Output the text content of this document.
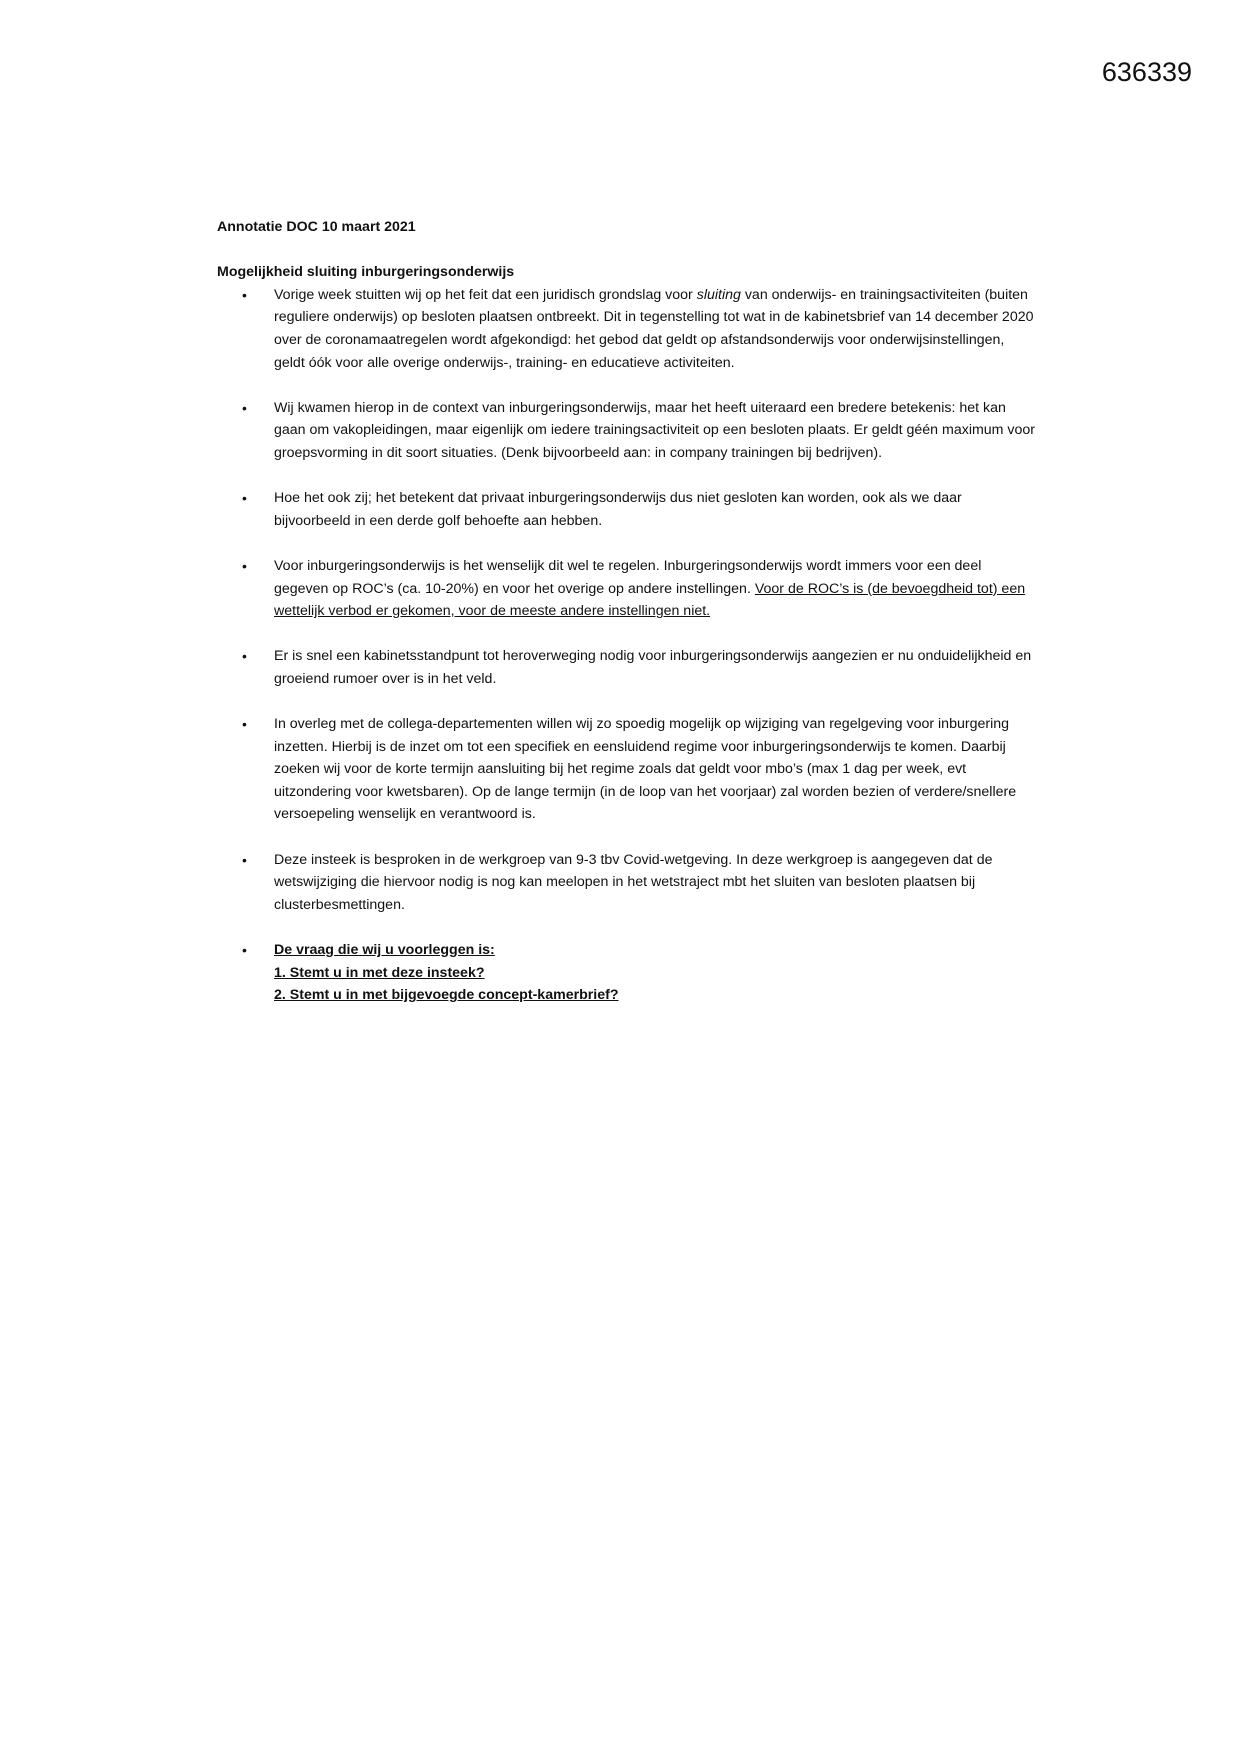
636339

Annotatie DOC 10 maart 2021

Mogelijkheid sluiting inburgeringsonderwijs

•	Vorige week stuitten wij op het feit dat een juridisch grondslag voor sluiting van onderwijs- en trainingsactiviteiten (buiten reguliere onderwijs) op besloten plaatsen ontbreekt. Dit in tegenstelling tot wat in de kabinetsbrief van 14 december 2020 over de coronamaatregelen wordt afgekondigd: het gebod dat geldt op afstandsonderwijs voor onderwijsinstellingen, geldt óók voor alle overige onderwijs-, training- en educatieve activiteiten.
•	Wij kwamen hierop in de context van inburgeringsonderwijs, maar het heeft uiteraard een bredere betekenis: het kan gaan om vakopleidingen, maar eigenlijk om iedere trainingsactiviteit op een besloten plaats. Er geldt géén maximum voor groepsvorming in dit soort situaties. (Denk bijvoorbeeld aan: in company trainingen bij bedrijven).
•	Hoe het ook zij; het betekent dat privaat inburgeringsonderwijs dus niet gesloten kan worden, ook als we daar bijvoorbeeld in een derde golf behoefte aan hebben.
•	Voor inburgeringsonderwijs is het wenselijk dit wel te regelen. Inburgeringsonderwijs wordt immers voor een deel gegeven op ROC’s (ca. 10-20%) en voor het overige op andere instellingen. Voor de ROC’s is (de bevoegdheid tot) een wettelijk verbod er gekomen, voor de meeste andere instellingen niet.
•	Er is snel een kabinetsstandpunt tot heroverweging nodig voor inburgeringsonderwijs aangezien er nu onduidelijkheid en groeiend rumoer over is in het veld.
•	In overleg met de collega-departementen willen wij zo spoedig mogelijk op wijziging van regelgeving voor inburgering inzetten. Hierbij is de inzet om tot een specifiek en eensluidend regime voor inburgeringsonderwijs te komen. Daarbij zoeken wij voor de korte termijn aansluiting bij het regime zoals dat geldt voor mbo’s (max 1 dag per week, evt uitzondering voor kwetsbaren). Op de lange termijn (in de loop van het voorjaar) zal worden bezien of verdere/snellere versoepeling wenselijk en verantwoord is.
•	Deze insteek is besproken in de werkgroep van 9-3 tbv Covid-wetgeving. In deze werkgroep is aangegeven dat de wetswijziging die hiervoor nodig is nog kan meelopen in het wetstraject mbt het sluiten van besloten plaatsen bij clusterbesmettingen.
•	De vraag die wij u voorleggen is:
1. Stemt u in met deze insteek?
2. Stemt u in met bijgevoegde concept-kamerbrief?
